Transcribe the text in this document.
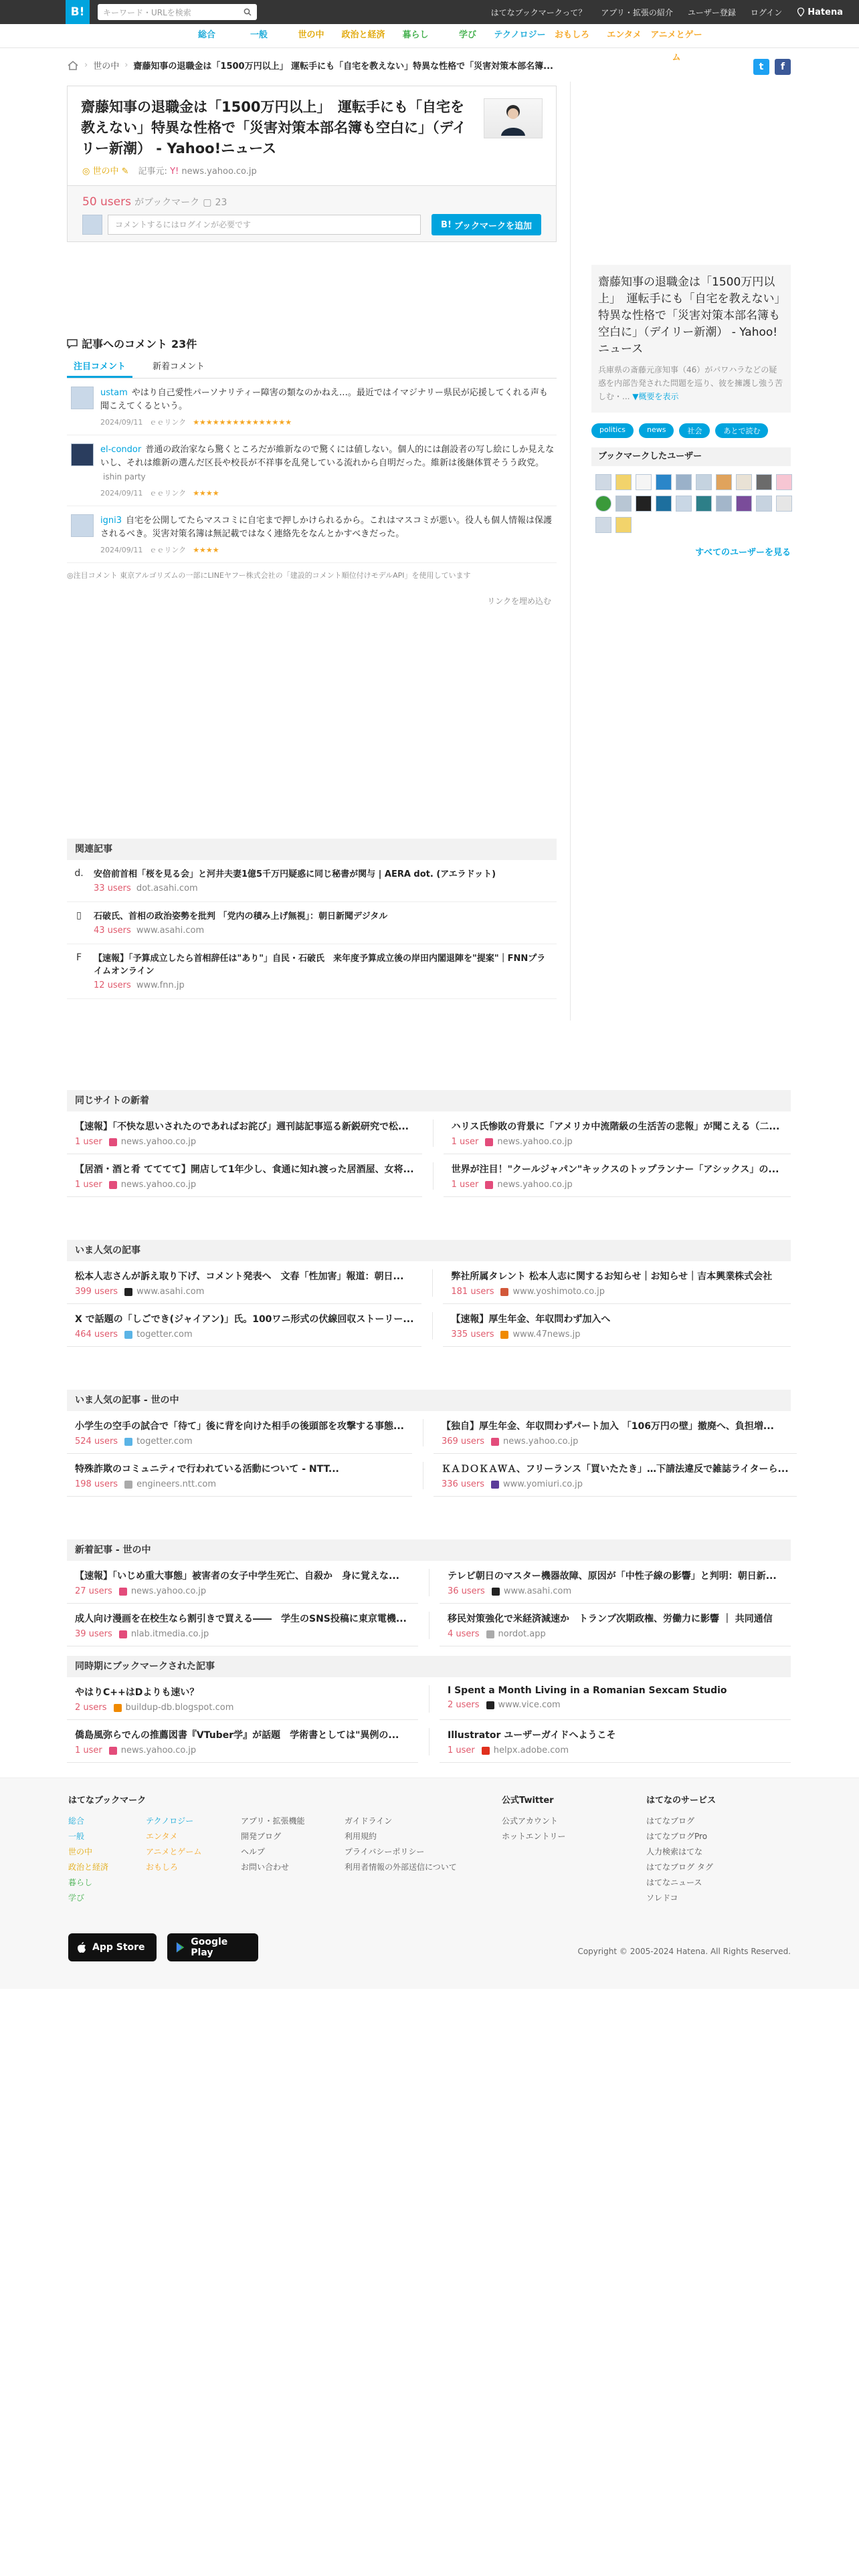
B!	キーワード・URLを検索	はてなブックマークって？ アプリ・拡張の紹介 ユーザー登録 ログイン	Hatena
総合	一般	世の中	政治と経済	暮らし	学び	テクノロジー	おもしろ	エンタメ	アニメとゲーム
› 世の中 › 齋藤知事の退職金は「1500万円以上」 運転手にも「自宅を教えない」特異な性格で「災害対策本部名簿...	t	f
齋藤知事の退職金は「1500万円以上」　運転手にも「自宅を教えない」特異な性格で「災害対策本部名簿も空白に」（デイリー新潮） - Yahoo!ニュース
◎ 世の中 ✎ 記事元: Y! news.yahoo.co.jp
50 users がブックマーク ▢ 23
コメントするにはログインが必要です	B! ブックマークを追加
記事へのコメント 23件
注目コメント	新着コメント
ustam やはり自己愛性パーソナリティー障害の類なのかねえ…。最近ではイマジナリー県民が応援してくれる声も聞こえてくるという。
2024/09/11 ｅｅリンク ★★★★★★★★★★★★★★★
el-condor 普通の政治家なら驚くところだが維新なので驚くには値しない。個人的には創設者の写し絵にしか見えないし、それは維新の選んだ区長や校長が不祥事を乱発している流れから自明だった。維新は後継体質そうう政党。ishin party
2024/09/11 ｅｅリンク ★★★★
igni3 自宅を公開してたらマスコミに自宅まで押しかけられるから。これはマスコミが悪い。役人も個人情報は保護されるべき。災害対策名簿は無記載ではなく連絡先をなんとかすべきだった。
2024/09/11 ｅｅリンク ★★★★
◎注目コメント 東京アルゴリズムの一部にLINEヤフー株式会社の「建設的コメント順位付けモデルAPI」を使用しています
リンクを埋め込む
関連記事
d. 安倍前首相「桜を見る会」と河井夫妻1億5千万円疑惑に同じ秘書が関与 | AERA dot. (アエラドット)
33 users dot.asahi.com
▯	石破氏、首相の政治姿勢を批判 「党内の積み上げ無視」：朝日新聞デジタル
43 users www.asahi.com
F	【速報】「予算成立したら首相辞任は"あり"」自民・石破氏　来年度予算成立後の岸田内閣退陣を"提案"｜FNNプライムオンライン
12 users www.fnn.jp
齋藤知事の退職金は「1500万円以上」　運転手にも「自宅を教えない」特異な性格で「災害対策本部名簿も空白に」（デイリー新潮） - Yahoo!ニュース

兵庫県の斎藤元彦知事（46）がパワハラなどの疑惑を内部告発された問題を巡り、彼を擁護し強う苦しむ・... ▼概要を表示

politics	news	社会	あとで読む
ブックマークしたユーザー
すべてのユーザーを見る
同じサイトの新着
【速報】「不快な思いされたのであればお詫び」週刊誌記事巡る新鋭研究で松...
1 user news.yahoo.co.jp
ハリス氏惨敗の背景に「アメリカ中流階級の生活苦の悲報」が聞こえる（二...
1 user news.yahoo.co.jp
【居酒・酒と肴 てててて】開店して1年少し、食通に知れ渡った居酒屋、女将...
1 user news.yahoo.co.jp
世界が注目！"クールジャパン"キックスのトップランナー「アシックス」の...
1 user news.yahoo.co.jp
いま人気の記事
松本人志さんが訴え取り下げ、コメント発表へ　文春「性加害」報道：朝日...
399 users www.asahi.com
弊社所属タレント 松本人志に関するお知らせ｜お知らせ｜吉本興業株式会社
181 users www.yoshimoto.co.jp
X で話題の「しごでき(ジャイアン)」氏。100ワニ形式の伏線回収ストーリー...
464 users togetter.com
【速報】厚生年金、年収問わず加入へ
335 users www.47news.jp
いま人気の記事 - 世の中
小学生の空手の試合で「待て」後に背を向けた相手の後頭部を攻撃する事態...
524 users togetter.com
【独自】厚生年金、年収問わずパート加入 「106万円の壁」撤廃へ、負担増...
369 users news.yahoo.co.jp
特殊詐欺のコミュニティで行われている活動について - NTT...
198 users engineers.ntt.com
ＫＡＤＯＫＡＷＡ、フリーランス「買いたたき」…下請法違反で雑誌ライターら...
336 users www.yomiuri.co.jp
新着記事 - 世の中
【速報】「いじめ重大事態」被害者の女子中学生死亡、自殺か　身に覚えな...
27 users news.yahoo.co.jp
テレビ朝日のマスター機器故障、原因が「中性子線の影響」と判明：朝日新...
36 users www.asahi.com
成人向け漫画を在校生なら割引きで買える――　学生のSNS投稿に東京電機...
39 users nlab.itmedia.co.jp
移民対策強化で米経済減速か　トランプ次期政権、労働力に影響 ｜ 共同通信
4 users nordot.app
同時期にブックマークされた記事
やはりC++はDよりも速い？
2 users buildup-db.blogspot.com
I Spent a Month Living in a Romanian Sexcam Studio
2 users www.vice.com
僑島風弥らでんの推薦図書『VTuber学』が話題　学術書としては"異例の...
1 user news.yahoo.co.jp
Illustrator ユーザーガイドへようこそ
1 user helpx.adobe.com
はてなブックマーク
総合
一般
世の中
政治と経済
暮らし
学び
テクノロジー
エンタメ
アニメとゲーム
おもしろ
アプリ・拡張機能
開発ブログ
ヘルプ
お問い合わせ
ガイドライン
利用規約
プライバシーポリシー
利用者情報の外部送信について
公式Twitter
公式アカウント
ホットエントリー
はてなのサービス
はてなブログ
はてなブログPro
人力検索はてな
はてなブログ タグ
はてなニュース
ソレドコ
App Store	Google Play	Copyright © 2005-2024 Hatena. All Rights Reserved.
